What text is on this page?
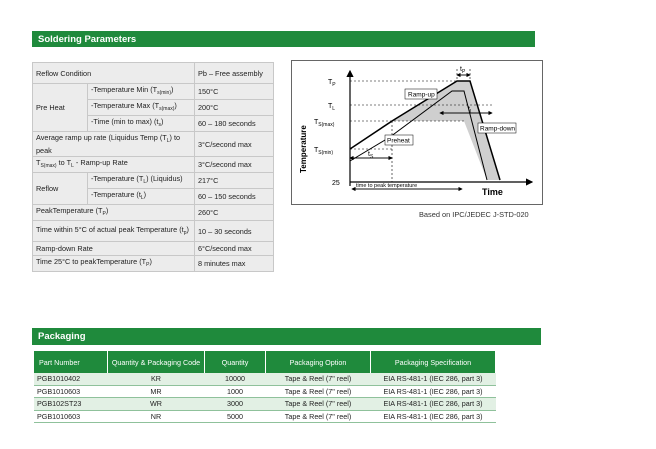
Soldering Parameters
Reflow Condition		Pb – Free assembly
Pre Heat	-Temperature Min $(T_{s(min)})$	150°C
	-Temperature Max $(T_{s(max)})$	200°C
	-Time (min to max) $(t_s)$	60 – 180 seconds
Average ramp up rate (Liquidus Temp $(T_L)$ to peak		3°C/second max
$T_{S(max)}$ to $T_L$ - Ramp-up Rate		3°C/second max
Reflow	-Temperature $(T_L)$ (Liquidus)	217°C
	-Temperature $(t_L)$	60 – 150 seconds
PeakTemperature $(T_P)$		260°C
Time within 5°C of actual peak Temperature $(t_p)$		10 – 30 seconds
Ramp-down Rate		6°C/second max
Time 25°C to peakTemperature $(T_P)$		8 minutes max
Ramp-up
Ramp-down
Preheat
time to peak temperature
25
$T_P$
$T_L$
$T_{S(max)}$
$T_{S(min)}$
$t_P$
$t_L$
$t_S$
Time
Temperature
Based on IPC/JEDEC J-STD-020
Packaging
Part Number	Quantity & Packaging Code	Quantity	Packaging Option	Packaging Specification
PGB1010402	KR	10000	Tape & Reel (7" reel)	EIA RS-481-1 (IEC 286, part 3)
PGB1010603	MR	1000	Tape & Reel (7" reel)	EIA RS-481-1 (IEC 286, part 3)
PGB102ST23	WR	3000	Tape & Reel (7" reel)	EIA RS-481-1 (IEC 286, part 3)
PGB1010603	NR	5000	Tape & Reel (7" reel)	EIA RS-481-1 (IEC 286, part 3)
